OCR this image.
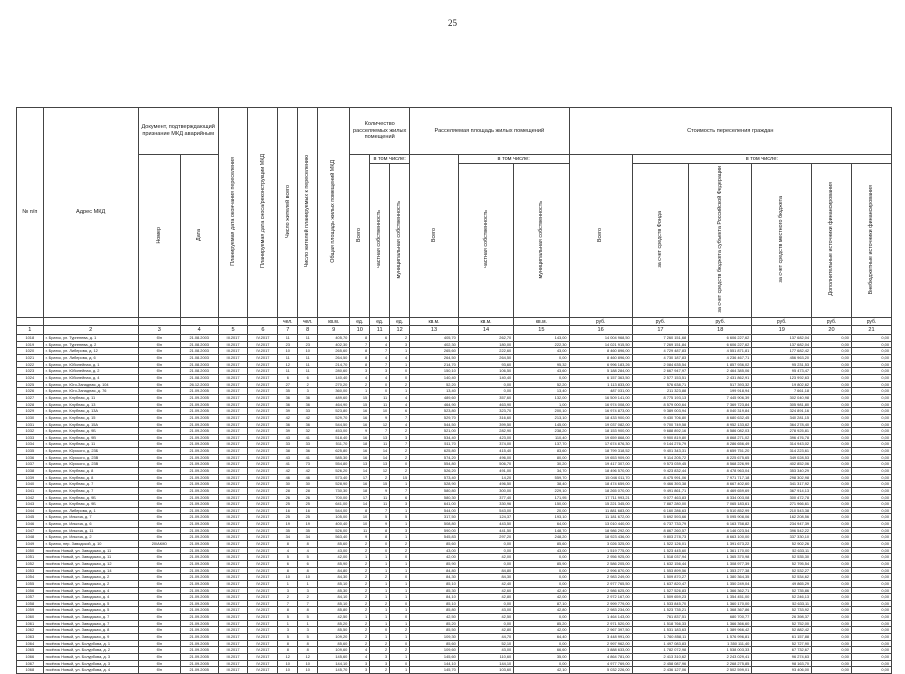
25
№ п/п	Адрес МКД	Документ, подтверждающий признание МКД аварийным		Планируемая дата окончания переселения	Планируемая дата сноса/реконструкции МКД	Число жителей всего	Число жителей планируемых к переселению	Общая площадь жилых помещений МКД	Количество расселяемых жилых помещений			Расселяемая площадь жилых помещений			Стоимость переселения граждан					
		Номер	Дата						Всего	в том числе:		Всего	в том числе:		Всего	в том числе:				
										частная собственность	муниципальная собственность		частная собственность	муниципальная собственность		за счет средств Фонда	за счет средств бюджета субъекта Российской Федерации	за счет средств местного бюджета	Дополнительные источники финансирования	Внебюджетные источники финансирования
						чел.	чел.	кв.м.	ед.	ед.	ед.	кв.м.	кв.м.	кв.м.	руб.	руб.	руб.	руб.	руб.	руб.
1	2	3	4	5	6	7	8	9	10	11	12	13	14	15	16	17	18	19	20	21
1018	г. Братск, ул. Тургенева, д. 1	б/н	21.08.2003	III.2017	IV.2017	11	11	405,70	8	6	2	405,70	262,70	143,00	14 004 968,50	7 260 151,68	6 606 227,62	137 682,04	0,00	0,00
1019	г. Братск, ул. Тургенева, д. 2	б/н	21.08.2003	III.2017	IV.2017	23	23	402,30	7	4	3	402,30	180,00	222,30	14 021 915,50	7 269 151,84	6 606 227,62	137 682,04	0,00	0,00
1020	г. Братск, ул. Либерова, д. 12	б/н	21.08.2003	III.2017	IV.2017	10	10	265,60	8	7	1	265,60	222,60	43,00	8 460 896,00	4 729 487,83	4 551 871,81	177 682,42	0,00	0,00
1021	г. Братск, ул. Либерова, д. 6	б/н	21.08.2003	III.2017	IV.2017	11	11	264,50	8	4	4	264,50	264,50	0,00	8 460 896,00	4 730 187,83	4 236 467,71	456 963,20	0,00	0,00
1022	г. Братск, ул. Юбилейная, д. 1	б/н	21.08.2003	III.2017	IV.2017	12	11	214,70	8	7	1	214,70	93,60	95,32	6 996 183,26	2 084 635,54	1 857 936,02	95 231,53	0,00	0,00
1023	г. Братск, ул. Юбилейная, д. 2	б/н	21.08.2003	III.2017	IV.2017	11	11	280,60	3	3	0	150,10	106,50	43,60	5 188 284,00	2 667 947,97	2 464 385,06	95 473,47	0,00	0,00
1024	г. Братск, ул. Юбилейная, д. 4	б/н	21.08.2003	III.2017	IV.2017	6	6	140,40	4	4	0	140,40	140,40	0,00	6 157 363,50	2 577 153,51	2 431 862,91	123 992,63	0,00	0,00
1025	г. Братск, ул. Юго-Западная, д. 104	б/н	26.12.2003	III.2017	IV.2017	27	2	270,20	2	0	2	52,20	0,00	52,20	1 113 833,00	576 638,71	517 393,32	19 802,62	0,00	0,00
1026	г. Братск, ул. Юго-Западная, д. 76	б/н	21.09.2005	III.2017	IV.2017	35	3	360,00	1	0	1	13,40	0,00	13,40	487 031,00	211 323,88	199 918,94	7 661,18	0,00	0,00
1027	г. Братск, ул. Клубная, д. 11	б/н	21.09.2005	III.2017	IV.2017	36	36	489,60	15	11	4	489,60	357,60	132,00	16 509 141,00	8 775 193,13	7 445 906,39	302 040,98	0,00	0,00
1028	г. Братск, ул. Клубная, д. 13	б/н	21.09.2005	III.2017	IV.2017	36	36	464,90	15	11	4	464,90	463,90	1,00	16 974 008,00	8 579 000,64	7 369 723,84	305 981,80	0,00	0,00
1029	г. Братск, ул. Клубная, д. 13А	б/н	21.09.2005	III.2017	IV.2017	39	33	523,80	16	10	6	523,80	323,70	200,10	16 974 873,00	9 389 003,94	8 040 319,84	324 891,16	0,00	0,00
1030	г. Братск, ул. Клубная, д. 15	б/н	21.09.2005	III.2017	IV.2017	42	42	529,70	16	9	7	529,70	316,60	213,10	18 433 900,00	9 430 706,80	8 680 632,45	340 281,15	0,00	0,00
1031	г. Братск, ул. Клубная, д. 15А	б/н	21.09.2005	III.2017	IV.2017	36	36	544,50	16	12	4	544,50	399,50	145,00	19 037 082,00	9 700 749,58	8 952 133,62	364 278,40	0,00	0,00
1032	г. Братск, ул. Клубная, д. 9Б	б/н	21.09.2005	III.2017	IV.2017	39	32	453,00	9	7	2	521,00	282,90	238,20	18 153 900,00	9 688 892,16	8 586 082,03	278 925,81	0,00	0,00
1033	г. Братск, ул. Клубная, д. 9В	б/н	21.09.2005	III.2017	IV.2017	43	41	518,40	16	13	3	534,40	423,00	110,40	19 659 868,00	9 900 819,80	8 868 271,02	396 476,78	0,00	0,00
1034	г. Братск, ул. Клубная, д. 11	б/н	21.09.2005	III.2017	IV.2017	33	33	511,70	18	11	7	511,70	374,00	137,70	17 674 876,30	9 144 276,79	8 286 656,49	314 943,02	0,00	0,00
1035	г. Братск, ул. Юрского, д. 23Б	б/н	21.09.2005	III.2017	IV.2017	38	36	625,80	16	14	2	625,80	415,40	83,60	18 799 318,52	9 401 343,31	8 659 751,20	314 223,61	0,00	0,00
1036	г. Братск, ул. Юрского, д. 23В	б/н	21.09.2005	III.2017	IV.2017	43	41	585,30	16	14	2	574,20	496,00	80,00	19 653 909,00	9 114 205,72	8 225 675,65	349 028,53	0,00	0,00
1037	г. Братск, ул. Юрского, д. 23В	б/н	21.09.2005	III.2017	IV.2017	41	73	554,80	13	13	0	554,80	506,70	30,20	19 417 307,00	9 573 039,45	8 568 226,99	402 852,06	0,00	0,00
1038	г. Братск, ул. Клубная, д. 8	б/н	21.09.2005	III.2017	IV.2017	42	42	526,20	14	12	2	526,20	491,00	34,70	18 496 570,00	9 423 832,44	8 478 963,04	353 340,29	0,00	0,00
1039	г. Братск, ул. Клубная, д. 8	б/н	21.09.2005	III.2017	IV.2017	46	46	573,40	17	2	15	573,40	14,20	559,70	15 046 011,70	8 475 991,06	7 971 717,18	298 302,98	0,00	0,00
1040	г. Братск, ул. Клубная, д. 7	б/н	21.09.2005	III.2017	IV.2017	30	30	528,90	16	15	1	528,90	496,50	38,40	18 474 659,00	9 466 393,38	8 667 402,60	341 317,92	0,00	0,00
1041	г. Братск, ул. Клубная, д. 7	б/н	21.09.2005	III.2017	IV.2017	28	28	730,30	18	9	7	580,80	300,00	229,10	18 265 070,00	9 491 861,71	8 469 659,69	367 914,13	0,00	0,00
1042	г. Братск, ул. Клубная, д. 9Б	б/н	21.09.2005	III.2017	IV.2017	26	26	700,00	17	11	6	580,30	377,40	171,95	17 711 993,21	9 077 463,83	8 334 003,08	300 472,78	0,00	0,00
1043	г. Братск, ул. Клубная, д. 9Б	б/н	21.09.2005	III.2017	IV.2017	25	25	641,00	14	11	3	641,00	330,96	150,00	15 221 345,00	7 887 280,00	7 065 183,61	271 966,61	0,00	0,00
1044	г. Братск, ул. Либерова, д. 1	б/н	21.09.2005	III.2017	IV.2017	16	16	544,00	8	7	1	544,00	543,00	20,00	11 881 683,00	6 160 286,63	5 510 852,99	210 543,38	0,00	0,00
1045	г. Братск, ул. Ильича, д. 7	б/н	21.09.2005	III.2017	IV.2017	25	25	105,00	10	5	5	317,50	124,37	193,10	11 181 672,00	5 692 593,66	5 095 908,06	162 208,56	0,00	0,00
1046	г. Братск, ул. Ильича, д. 6	б/н	21.09.2005	III.2017	IV.2017	19	19	400,40	10	9	1	508,80	443,50	64,00	13 010 440,00	6 737 733,79	6 163 758,82	234 947,39	0,00	0,00
1047	г. Братск, ул. Ильича, д. 11	б/н	21.09.2005	III.2017	IV.2017	35	35	526,00	11	8	3	590,00	441,50	148,70	18 986 292,00	8 867 260,57	8 146 023,54	396 542,22	0,00	0,00
1048	г. Братск, ул. Ильича, д. 2	б/н	21.09.2005	III.2017	IV.2017	34	34	563,40	9	8	1	545,83	297,20	248,20	18 923 436,00	9 803 278,73	8 663 100,00	337 330,10	0,00	0,00
1049	г. Братск, пер. Заводской, д. 10	20/АК/Ю	21.09.2005	III.2017	IV.2017	8	8	85,60	2	0	2	85,60	0,00	85,60	3 026 325,00	1 522 126,01	1 391 673,22	52 902,26	0,00	0,00
1050	посёлок Новый, ул. Заводская, д. 11	б/н	21.09.2005	III.2017	IV.2017	4	4	43,00	2	0	2	43,00	0,00	43,00	1 519 775,00	1 523 445,60	1 361 170,00	52 633,11	0,00	0,00
1051	посёлок Новый, ул. Заводская, д. 11	б/н	21.09.2005	III.2017	IV.2017	5	5	42,00	1	1	0	42,00	42,00	0,00	2 956 925,00	1 518 037,94	1 365 370,98	52 535,30	0,00	0,00
1052	посёлок Новый, ул. Заводская, д. 12	б/н	21.09.2005	III.2017	IV.2017	6	6	85,90	2	1	1	85,90	0,00	85,90	2 586 205,00	1 632 156,44	1 308 977,39	52 795,54	0,00	0,00
1053	посёлок Новый, ул. Заводская, д. 14	б/н	21.09.2005	III.2017	IV.2017	8	8	84,80	2	1	1	84,80	84,80	0,00	2 996 870,00	1 553 899,56	1 353 277,38	52 532,27	0,00	0,00
1054	посёлок Новый, ул. Заводская, д. 2	б/н	21.09.2005	III.2017	IV.2017	10	10	84,30	2	2	0	84,30	84,30	0,00	2 983 249,00	1 509 870,27	1 380 364,35	52 534,62	0,00	0,00
1055	посёлок Новый, ул. Заводская, д. 2	б/н	21.09.2005	III.2017	IV.2017	1	1	85,10	2	1	1	85,10	42,40	0,00	2 977 765,50	1 637 820,47	1 350 249,04	49 865,29	0,00	0,00
1056	посёлок Новый, ул. Заводская, д. 4	б/н	21.09.2005	III.2017	IV.2017	3	3	85,30	2	1	1	85,30	42,60	42,40	2 986 625,00	1 527 526,83	1 366 362,71	52 735,86	0,00	0,00
1057	посёлок Новый, ул. Заводская, д. 4	б/н	21.09.2005	III.2017	IV.2017	2	2	84,10	2	1	1	84,10	42,80	42,00	2 972 167,00	1 509 659,23	1 354 451,00	52 246,13	0,00	0,00
1058	посёлок Новый, ул. Заводская, д. 5	б/н	21.09.2005	III.2017	IV.2017	7	7	85,10	2	2	0	85,10	0,00	87,10	2 999 779,00	1 533 845,70	1 360 170,00	52 633,11	0,00	0,00
1059	посёлок Новый, ул. Заводская, д. 5	б/н	21.09.2005	III.2017	IV.2017	8	8	85,80	2	1	1	85,80	43,00	42,80	2 983 234,00	1 523 735,21	1 368 367,86	52 733,92	0,00	0,00
1060	посёлок Новый, ул. Заводская, д. 7	б/н	21.09.2005	III.2017	IV.2017	5	5	42,50	1	1	0	42,50	42,50	0,00	1 464 143,00	761 837,51	680 700,77	26 398,37	0,00	0,00
1061	посёлок Новый, ул. Заводская, д. 7	б/н	21.09.2005	III.2017	IV.2017	1	1	85,20	2	1	1	85,20	0,00	85,20	2 971 520,00	1 518 766,33	1 366 366,60	52 752,00	0,00	0,00
1062	посёлок Новый, ул. Заводская, д. 8	б/н	21.09.2005	III.2017	IV.2017	3	3	85,50	2	0	2	85,50	42,80	42,00	2 967 397,50	1 531 183,63	1 389 966,42	52 882,42	0,00	0,00
1063	посёлок Новый, ул. Заводская, д. 9	б/н	21.09.2005	III.2017	IV.2017	5	5	109,20	2	1	1	109,30	44,70	64,40	3 448 991,00	1 760 858,11	1 576 996,81	61 157,88	0,00	0,00
1064	посёлок Новый, ул. Болурбова, д. 1	б/н	21.09.2005	III.2017	IV.2017	8	8	85,60	2	2	0	85,60	52,10	0,00	2 997 962,00	1 497 083,83	1 350 111,40	52 727,90	0,00	0,00
1065	посёлок Новый, ул. Болурбова, д. 2	б/н	21.09.2005	III.2017	IV.2017	8	8	109,60	4	2	2	109,60	43,00	66,60	3 888 633,00	1 782 072,98	1 538 003,33	67 732,67	0,00	0,00
1066	посёлок Новый, ул. Болурбова, д. 3	б/н	21.09.2005	III.2017	IV.2017	12	12	145,60	4	3	1	145,60	110,60	35,00	4 864 781,00	2 413 310,62	2 243 029,41	96 274,63	0,00	0,00
1067	посёлок Новый, ул. Болурбова, д. 3	б/н	21.09.2005	III.2017	IV.2017	10	10	144,10	3	3	0	144,10	144,10	0,00	4 977 769,00	2 458 087,96	2 268 275,85	98 163,70	0,00	0,00
1068	посёлок Новый, ул. Болурбова, д. 4	б/н	21.09.2005	III.2017	IV.2017	10	10	145,70	3	2	1	145,70	103,60	42,10	5 032 226,00	2 436 127,06	2 502 599,01	93 406,00	0,00	0,00
